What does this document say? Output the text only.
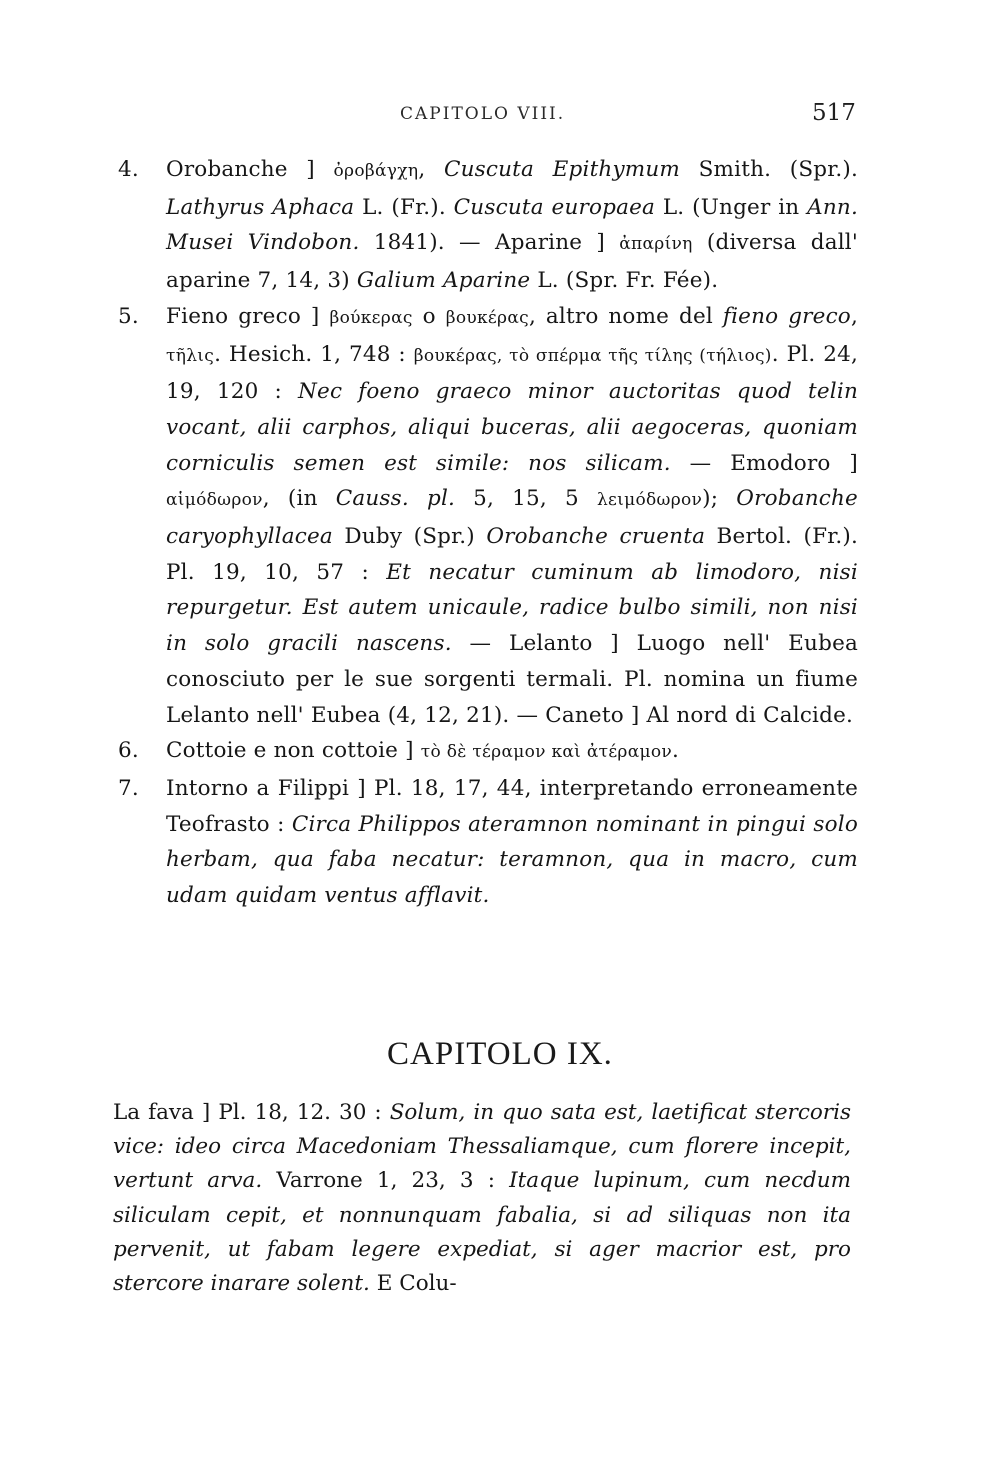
CAPITOLO VIII.	517

4. Orobanche ] ὀροβάγχη, Cuscuta Epithymum Smith. (Spr.). Lathyrus Aphaca L. (Fr.). Cuscuta europaea L. (Unger in Ann. Musei Vindobon. 1841). — Aparine ] ἀπαρίνη (diversa dall' aparine 7, 14, 3) Galium Aparine L. (Spr. Fr. Fée).

5. Fieno greco ] βούκερας o βουκέρας, altro nome del fieno greco, τῆλις. Hesich. 1, 748 : βουκέρας, τὸ σπέρμα τῆς τίλης (τήλιος). Pl. 24, 19, 120 : Nec foeno graeco minor auctoritas quod telin vocant, alii carphos, aliqui buceras, alii aegoceras, quoniam corniculis semen est simile: nos silicam. — Emodoro ] αἱμόδωρον, (in Causs. pl. 5, 15, 5 λειμόδωρον); Orobanche caryophyllacea Duby (Spr.) Orobanche cruenta Bertol. (Fr.). Pl. 19, 10, 57 : Et necatur cuminum ab limodoro, nisi repurgetur. Est autem unicaule, radice bulbo simili, non nisi in solo gracili nascens. — Lelanto ] Luogo nell' Eubea conosciuto per le sue sorgenti termali. Pl. nomina un fiume Lelanto nell' Eubea (4, 12, 21). — Caneto ] Al nord di Calcide.

6. Cottoie e non cottoie ] τὸ δὲ τέραμον καὶ ἀτέραμον.

7. Intorno a Filippi ] Pl. 18, 17, 44, interpretando erroneamente Teofrasto : Circa Philippos ateramnon nominant in pingui solo herbam, qua faba necatur: teramnon, qua in macro, cum udam quidam ventus afflavit.

CAPITOLO IX.

La fava ] Pl. 18, 12. 30 : Solum, in quo sata est, laetificat stercoris vice: ideo circa Macedoniam Thessaliamque, cum florere incepit, vertunt arva. Varrone 1, 23, 3 : Itaque lupinum, cum necdum siliculam cepit, et nonnunquam fabalia, si ad siliquas non ita pervenit, ut fabam legere expediat, si ager macrior est, pro stercore inarare solent. E Colu-
